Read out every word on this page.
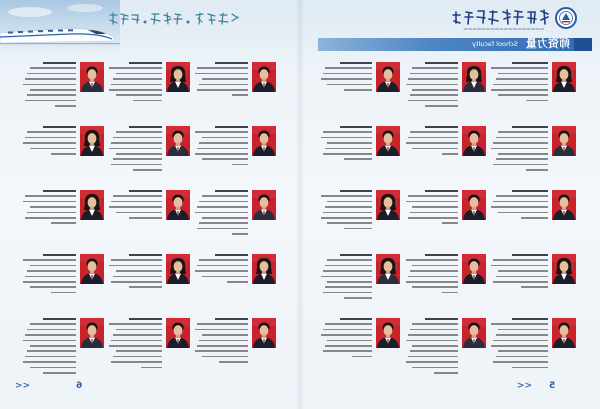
School faculty 师资力量
<<	6	<< 5
